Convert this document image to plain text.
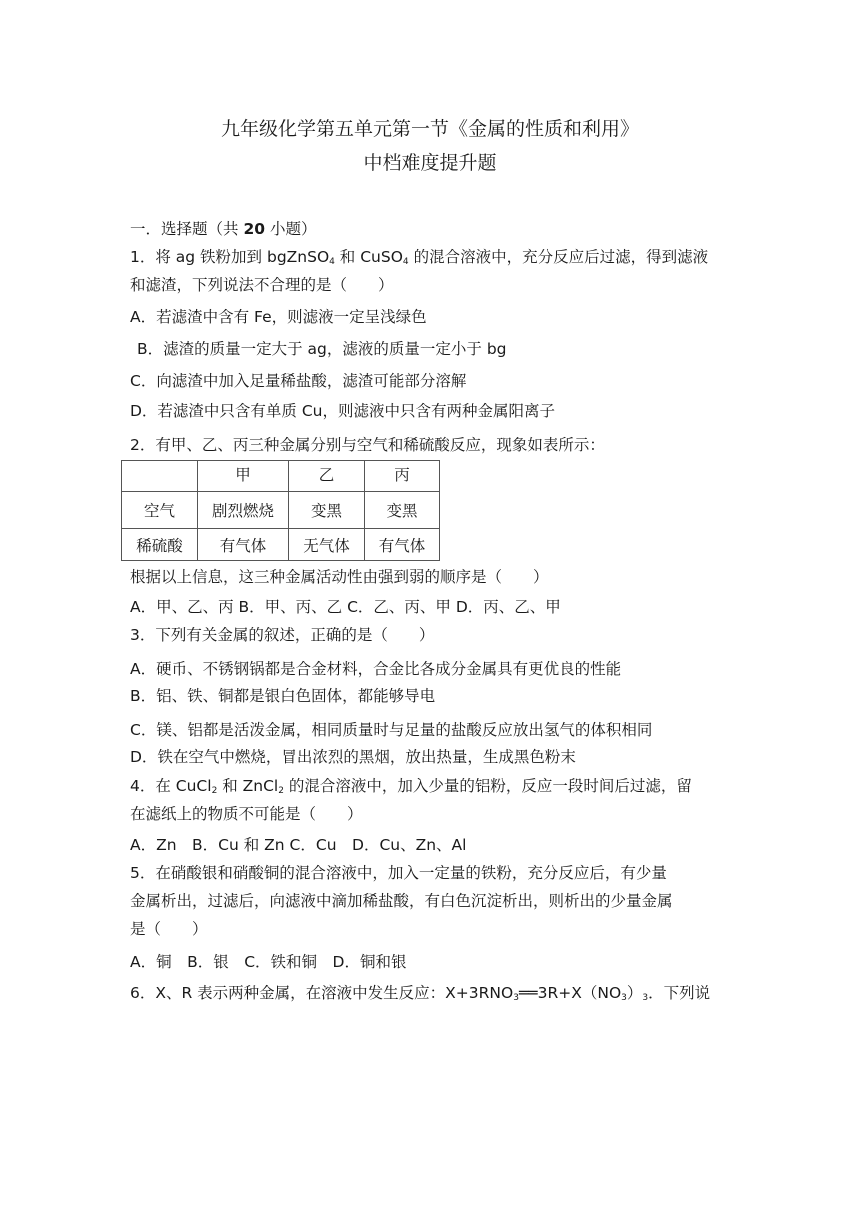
九年级化学第五单元第一节《金属的性质和利用》
中档难度提升题
一．选择题（共 20 小题）
1．将 ag 铁粉加到 bgZnSO$_4$ 和 CuSO$_4$ 的混合溶液中，充分反应后过滤，得到滤液
和滤渣，下列说法不合理的是（　　）
A．若滤渣中含有 Fe，则滤液一定呈浅绿色
B．滤渣的质量一定大于 ag，滤液的质量一定小于 bg
C．向滤渣中加入足量稀盐酸，滤渣可能部分溶解
D．若滤渣中只含有单质 Cu，则滤液中只含有两种金属阳离子
2．有甲、乙、丙三种金属分别与空气和稀硫酸反应，现象如表所示：
	甲	乙	丙
空气	剧烈燃烧	变黑	变黑
稀硫酸	有气体	无气体	有气体
根据以上信息，这三种金属活动性由强到弱的顺序是（　　）
A．甲、乙、丙 B．甲、丙、乙 C．乙、丙、甲 D．丙、乙、甲
3．下列有关金属的叙述，正确的是（　　）
A．硬币、不锈钢锅都是合金材料，合金比各成分金属具有更优良的性能
B．铝、铁、铜都是银白色固体，都能够导电
C．镁、铝都是活泼金属，相同质量时与足量的盐酸反应放出氢气的体积相同
D．铁在空气中燃烧，冒出浓烈的黑烟，放出热量，生成黑色粉末
4．在 CuCl$_2$ 和 ZnCl$_2$ 的混合溶液中，加入少量的铝粉，反应一段时间后过滤，留
在滤纸上的物质不可能是（　　）
A．Zn　B．Cu 和 Zn C．Cu　D．Cu、Zn、Al
5．在硝酸银和硝酸铜的混合溶液中，加入一定量的铁粉，充分反应后，有少量
金属析出，过滤后，向滤液中滴加稀盐酸，有白色沉淀析出，则析出的少量金属
是（　　）
A．铜　B．银　C．铁和铜　D．铜和银
6．X、R 表示两种金属，在溶液中发生反应：$X+3RNO_3══3R+X(NO_3)_3$．下列说
